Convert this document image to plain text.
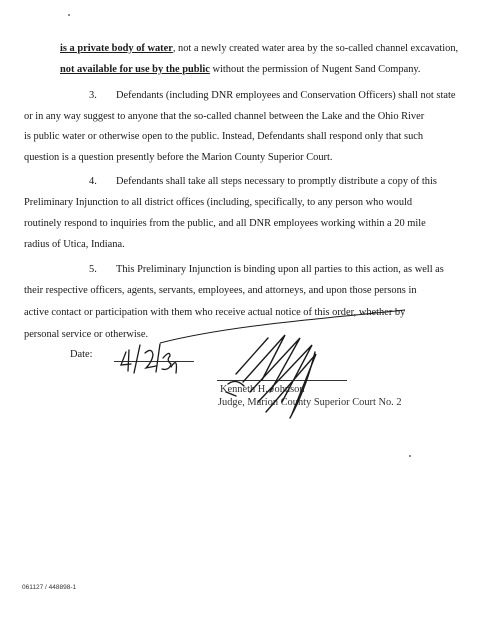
is a private body of water, not a newly created water area by the so-called channel excavation,
not available for use by the public without the permission of Nugent Sand Company.
3. Defendants (including DNR employees and Conservation Officers) shall not state
or in any way suggest to anyone that the so-called channel between the Lake and the Ohio River
is public water or otherwise open to the public. Instead, Defendants shall respond only that such
question is a question presently before the Marion County Superior Court.
4. Defendants shall take all steps necessary to promptly distribute a copy of this
Preliminary Injunction to all district offices (including, specifically, to any person who would
routinely respond to inquiries from the public, and all DNR employees working within a 20 mile
radius of Utica, Indiana.
5. This Preliminary Injunction is binding upon all parties to this action, as well as
their respective officers, agents, servants, employees, and attorneys, and upon those persons in
active contact or participation with them who receive actual notice of this order, whether by
personal service or otherwise.
Date:
Kenneth H. Johnson
Judge, Marion County Superior Court No. 2
061127 / 448898-1
